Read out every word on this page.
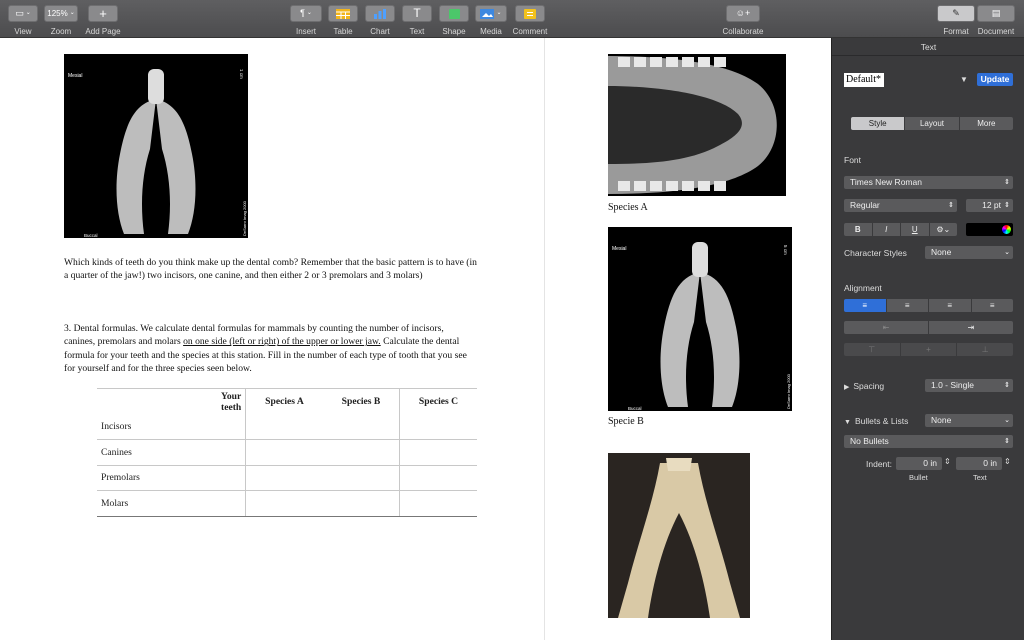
▭ ⌄
View
125% ⌄
Zoom
+
Add Page
¶ ⌄
Insert	Table	Chart
T
Text	Shape
⌄
Media	Comment
☺+
Collaborate
✎
Format
▤
Document
Mesial
Buccal
1 cm
DeSarro Imag 2000	Species A
Mesial
Buccal
5 cm
DeSarro Imag 2000
Specie B
Which kinds of teeth do you think make up the dental comb? Remember that the basic pattern is to have (in a quarter of the jaw!) two incisors, one canine, and then either 2 or 3 premolars and 3 molars)
3. Dental formulas. We calculate dental formulas for mammals by counting the number of incisors, canines, premolars and molars on one side (left or right) of the upper or lower jaw. Calculate the dental formula for your teeth and the species at this station. Fill in the number of each type of tooth that you see for yourself and for the three species seen below.
	Your teeth	Species A	Species B	Species C
Incisors				
Canines				
Premolars				
Molars				
Text
Default*	▼	Update
Style	Layout	More
Font
Times New Roman	⇕
Regular	⇕	12 pt ⇕
B	I	U	⚙⌄
Character Styles	None	⌄
Alignment
≡	≡	≡	≡
⇤	⇥
⊤	+	⊥
▶ Spacing	1.0 - Single	⇕
▼ Bullets & Lists	None	⌄
No Bullets	⇕
Indent:	0 in ⇕	0 in ⇕
Bullet	Text
